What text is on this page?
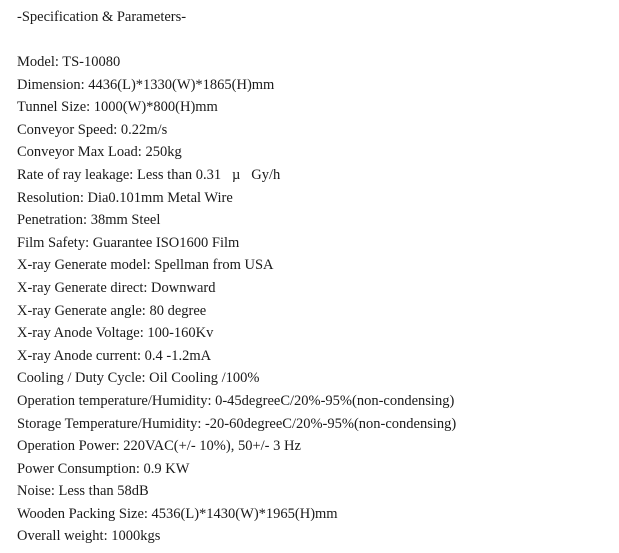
-Specification & Parameters-
Model: TS-10080
Dimension: 4436(L)*1330(W)*1865(H)mm
Tunnel Size: 1000(W)*800(H)mm
Conveyor Speed: 0.22m/s
Conveyor Max Load: 250kg
Rate of ray leakage: Less than 0.31   µ   Gy/h
Resolution: Dia0.101mm Metal Wire
Penetration: 38mm Steel
Film Safety: Guarantee ISO1600 Film
X-ray Generate model: Spellman from USA
X-ray Generate direct: Downward
X-ray Generate angle: 80 degree
X-ray Anode Voltage: 100-160Kv
X-ray Anode current: 0.4 -1.2mA
Cooling / Duty Cycle: Oil Cooling /100%
Operation temperature/Humidity: 0-45degreeC/20%-95%(non-condensing)
Storage Temperature/Humidity: -20-60degreeC/20%-95%(non-condensing)
Operation Power: 220VAC(+/- 10%), 50+/- 3 Hz
Power Consumption: 0.9 KW
Noise: Less than 58dB
Wooden Packing Size: 4536(L)*1430(W)*1965(H)mm
Overall weight: 1000kgs
